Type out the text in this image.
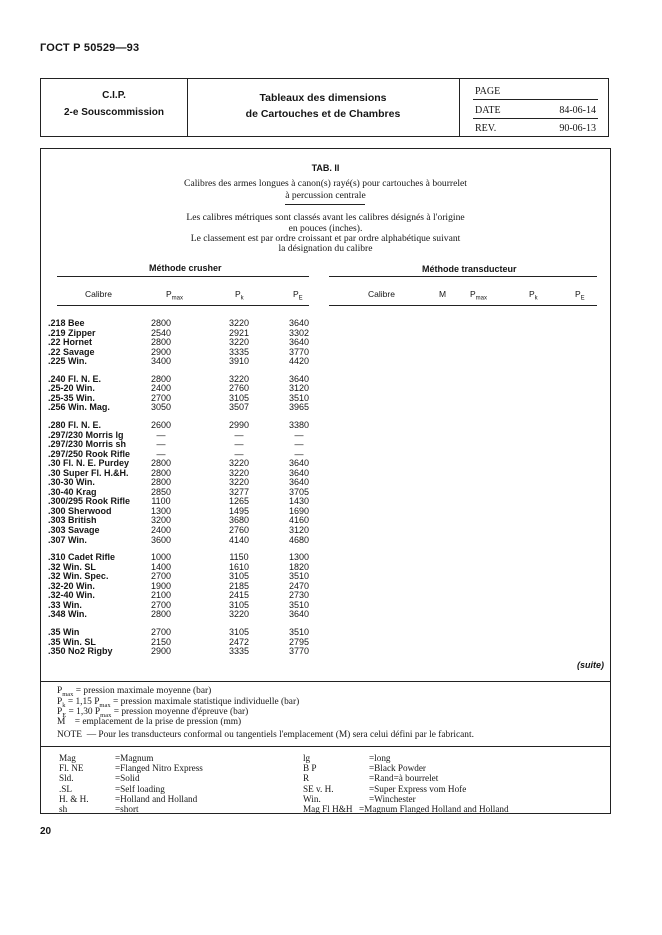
ГОСТ Р 50529—93
C.I.P.
2-e Souscommission
Tableaux des dimensions
de Cartouches et de Chambres
PAGE
DATE	84-06-14
REV.	90-06-13
TAB. II
Calibres des armes longues à canon(s) rayé(s) pour cartouches à bourrelet
à percussion centrale
Les calibres métriques sont classés avant les calibres désignés à l'origine
en pouces (inches).
Le classement est par ordre croissant et par ordre alphabétique suivant
la désignation du calibre
Méthode crusher	Méthode transducteur
Calibre	$P_{max}$	$P_k$	$P_E$	Calibre	M	$P_{max}$	$P_k$	$P_E$
.218 Bee	2800	3220	3640
.219 Zipper	2540	2921	3302
.22 Hornet	2800	3220	3640
.22 Savage	2900	3335	3770
.225 Win.	3400	3910	4420
.240 Fl. N. E.	2800	3220	3640
.25-20 Win.	2400	2760	3120
.25-35 Win.	2700	3105	3510
.256 Win. Mag.	3050	3507	3965
.280 Fl. N. E.	2600	2990	3380
.297/230 Morris lg	—	—	—
.297/230 Morris sh	—	—	—
.297/250 Rook Rifle	—	—	—
.30 Fl. N. E. Purdey	2800	3220	3640
.30 Super Fl. H.&H.	2800	3220	3640
.30-30 Win.	2800	3220	3640
.30-40 Krag	2850	3277	3705
.300/295 Rook Rifle	1100	1265	1430
.300 Sherwood	1300	1495	1690
.303 British	3200	3680	4160
.303 Savage	2400	2760	3120
.307 Win.	3600	4140	4680
.310 Cadet Rifle	1000	1150	1300
.32 Win. SL	1400	1610	1820
.32 Win. Spec.	2700	3105	3510
.32-20 Win.	1900	2185	2470
.32-40 Win.	2100	2415	2730
.33 Win.	2700	3105	3510
.348 Win.	2800	3220	3640
.35 Win	2700	3105	3510
.35 Win. SL	2150	2472	2795
.350 No2 Rigby	2900	3335	3770
(suite)
$P_{max}$ = pression maximale moyenne (bar)
$P_k = 1,15$ $P_{max}$ = pression maximale statistique individuelle (bar)
$P_E = 1,30$ $P_{max}$ = pression moyenne d'épreuve (bar)
M = emplacement de la prise de pression (mm)
NOTE — Pour les transducteurs conformal ou tangentiels l'emplacement (M) sera celui défini par le fabricant.
Mag	=Magnum
Fl. NE	=Flanged Nitro Express
Sld.	=Solid
.SL	=Self loading
H. & H.	=Holland and Holland
sh	=short
lg	=long
B P	=Black Powder
R	=Rand=à bourrelet
SE v. H.	=Super Express vom Hofe
Win.	=Winchester
Mag Fl H&H =Magnum Flanged Holland and Holland
20
